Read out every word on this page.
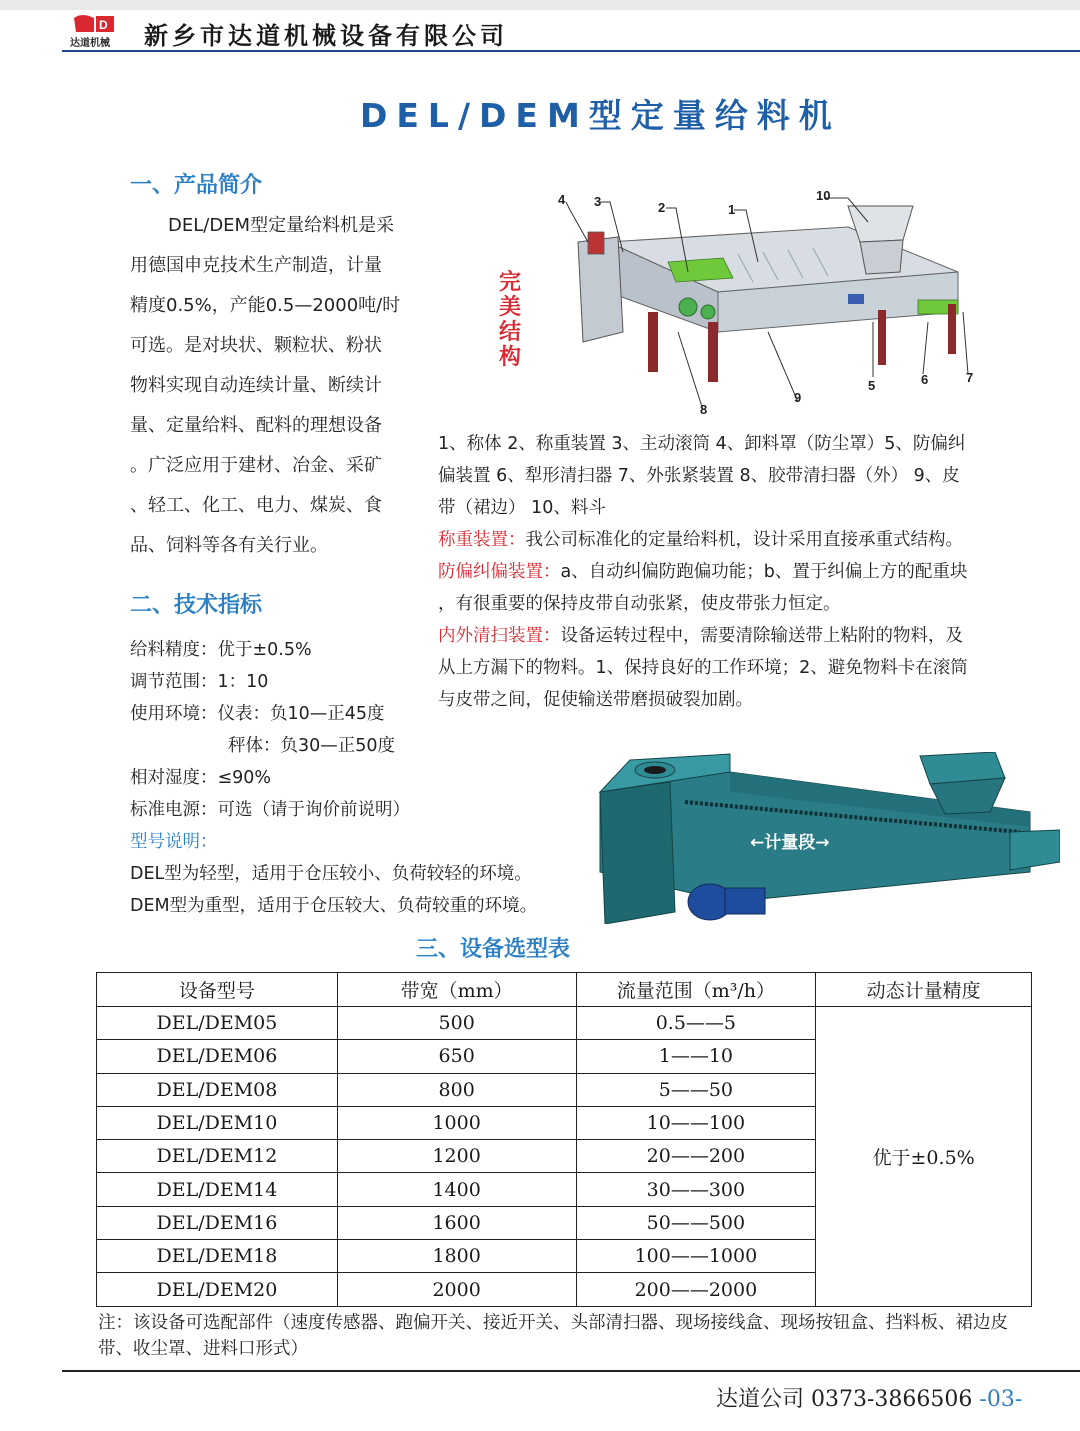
D
达道机械 新乡市达道机械设备有限公司
DEL/DEM型定量给料机
一、产品简介
DEL/DEM型定量给料机是采
用德国申克技术生产制造，计量
精度0.5%，产能0.5—2000吨/时
可选。是对块状、颗粒状、粉状
物料实现自动连续计量、断续计
量、定量给料、配料的理想设备
。广泛应用于建材、冶金、采矿
、轻工、化工、电力、煤炭、食
品、饲料等各有关行业。
完
美
结
构
4 3	2	1
10
5	6	7
8
9
1、称体 2、称重装置 3、主动滚筒 4、卸料罩（防尘罩）5、防偏纠
偏装置 6、犁形清扫器 7、外张紧装置 8、胶带清扫器（外） 9、皮
带（裙边） 10、料斗
称重装置：我公司标准化的定量给料机，设计采用直接承重式结构。
防偏纠偏装置：a、自动纠偏防跑偏功能；b、置于纠偏上方的配重块
，有很重要的保持皮带自动张紧，使皮带张力恒定。
内外清扫装置：设备运转过程中，需要清除输送带上粘附的物料，及
从上方漏下的物料。1、保持良好的工作环境；2、避免物料卡在滚筒
与皮带之间，促使输送带磨损破裂加剧。
二、技术指标
给料精度：优于±0.5%
调节范围：1：10
使用环境：仪表：负10—正45度
秤体：负30—正50度
相对湿度：≤90%
标准电源：可选（请于询价前说明）
型号说明：
DEL型为轻型，适用于仓压较小、负荷较轻的环境。
DEM型为重型，适用于仓压较大、负荷较重的环境。
←计量段→
三、设备选型表
设备型号	带宽（mm）	流量范围（m³/h）	动态计量精度
DEL/DEM05	500	0.5——5	优于±0.5%
DEL/DEM06	650	1——10	
DEL/DEM08	800	5——50	
DEL/DEM10	1000	10——100	
DEL/DEM12	1200	20——200	
DEL/DEM14	1400	30——300	
DEL/DEM16	1600	50——500	
DEL/DEM18	1800	100——1000	
DEL/DEM20	2000	200——2000	
注：该设备可选配部件（速度传感器、跑偏开关、接近开关、头部清扫器、现场接线盒、现场按钮盒、挡料板、裙边皮带、收尘罩、进料口形式）
达道公司 0373-3866506 -03-
